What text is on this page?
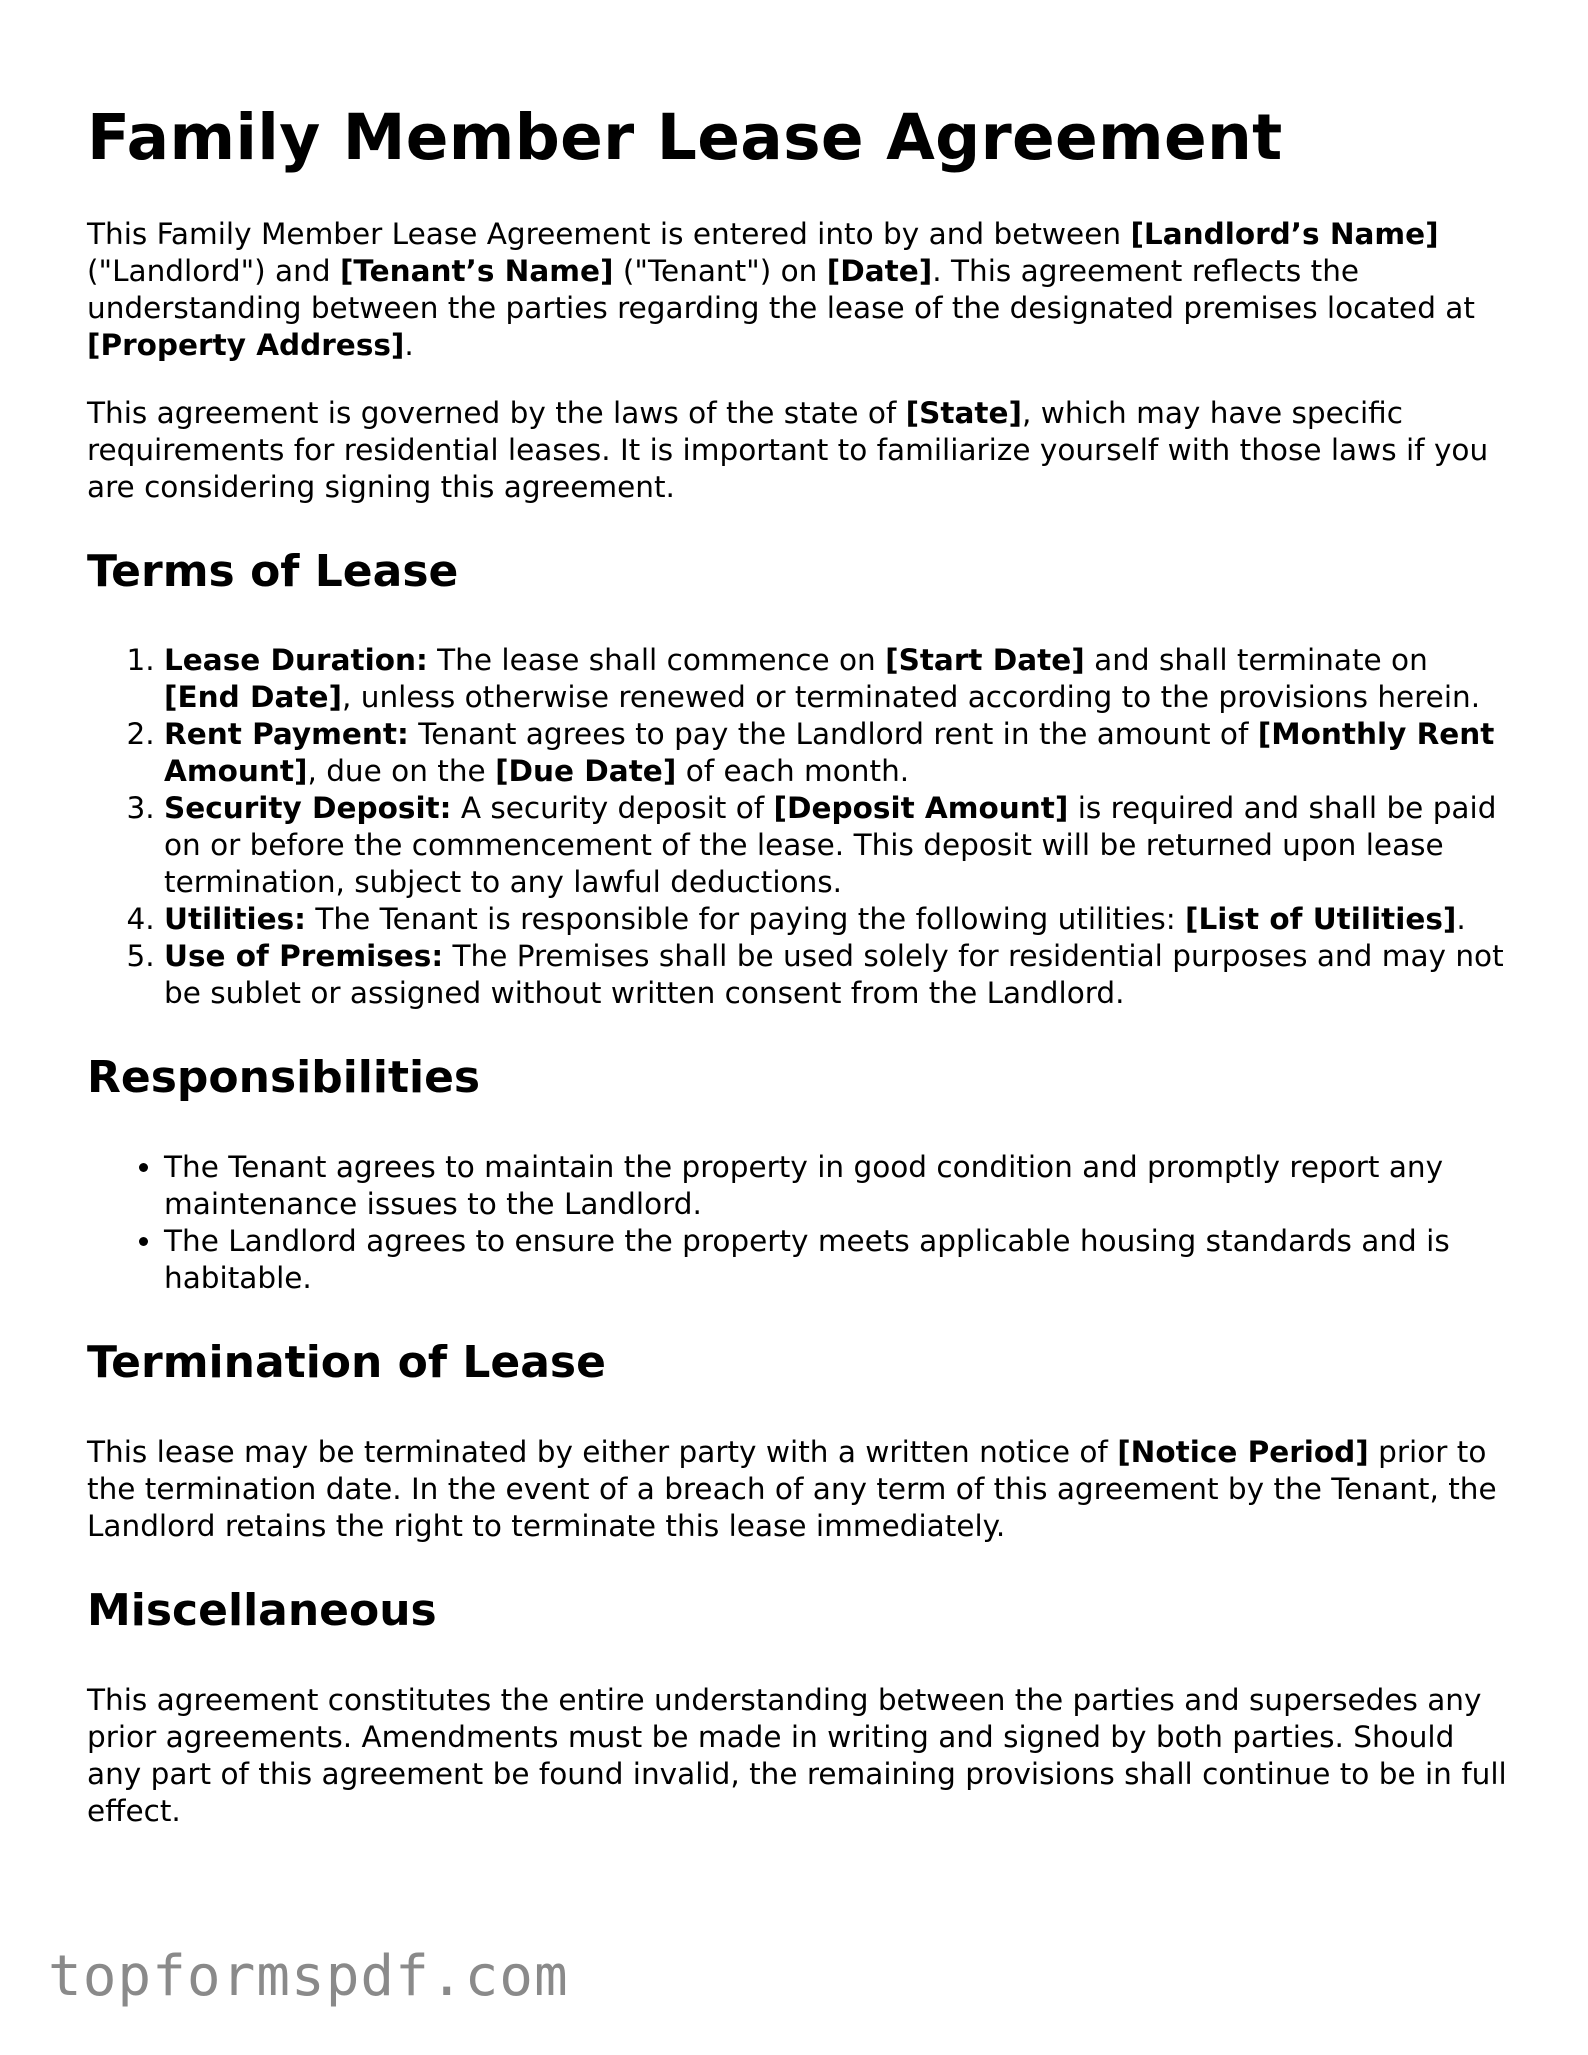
Family Member Lease Agreement

This Family Member Lease Agreement is entered into by and between [Landlord’s Name] ("Landlord") and [Tenant’s Name] ("Tenant") on [Date]. This agreement reflects the understanding between the parties regarding the lease of the designated premises located at [Property Address].

This agreement is governed by the laws of the state of [State], which may have specific requirements for residential leases. It is important to familiarize yourself with those laws if you are considering signing this agreement.

Terms of Lease
1. Lease Duration: The lease shall commence on [Start Date] and shall terminate on [End Date], unless otherwise renewed or terminated according to the provisions herein.
2. Rent Payment: Tenant agrees to pay the Landlord rent in the amount of [Monthly Rent Amount], due on the [Due Date] of each month.
3. Security Deposit: A security deposit of [Deposit Amount] is required and shall be paid on or before the commencement of the lease. This deposit will be returned upon lease termination, subject to any lawful deductions.
4. Utilities: The Tenant is responsible for paying the following utilities: [List of Utilities].
5. Use of Premises: The Premises shall be used solely for residential purposes and may not be sublet or assigned without written consent from the Landlord.
Responsibilities
• The Tenant agrees to maintain the property in good condition and promptly report any maintenance issues to the Landlord.
• The Landlord agrees to ensure the property meets applicable housing standards and is habitable.
Termination of Lease

This lease may be terminated by either party with a written notice of [Notice Period] prior to the termination date. In the event of a breach of any term of this agreement by the Tenant, the Landlord retains the right to terminate this lease immediately.

Miscellaneous

This agreement constitutes the entire understanding between the parties and supersedes any prior agreements. Amendments must be made in writing and signed by both parties. Should any part of this agreement be found invalid, the remaining provisions shall continue to be in full effect.

topformspdf.com
